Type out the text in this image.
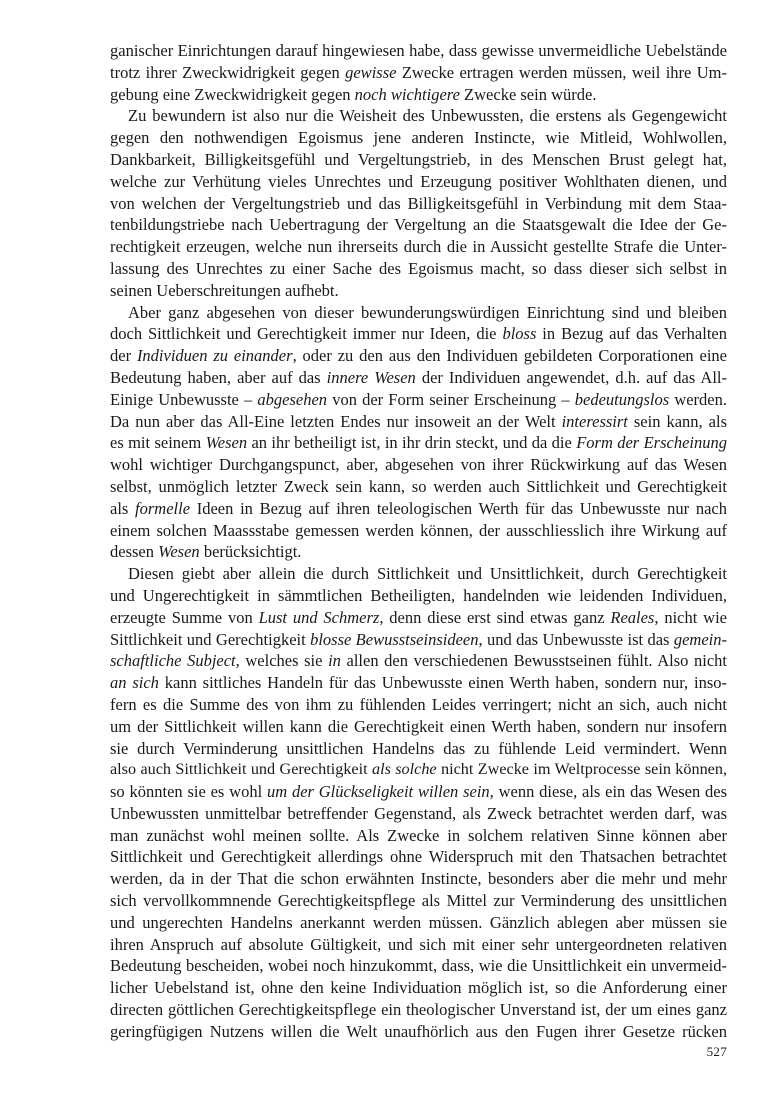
ganischer Einrichtungen darauf hingewiesen habe, dass gewisse unvermeidliche Uebelstände
trotz ihrer Zweckwidrigkeit gegen gewisse Zwecke ertragen werden müssen, weil ihre Um-
gebung eine Zweckwidrigkeit gegen noch wichtigere Zwecke sein würde.
Zu bewundern ist also nur die Weisheit des Unbewussten, die erstens als Gegengewicht
gegen den nothwendigen Egoismus jene anderen Instincte, wie Mitleid, Wohlwollen,
Dankbarkeit, Billigkeitsgefühl und Vergeltungstrieb, in des Menschen Brust gelegt hat,
welche zur Verhütung vieles Unrechtes und Erzeugung positiver Wohlthaten dienen, und
von welchen der Vergeltungstrieb und das Billigkeitsgefühl in Verbindung mit dem Staa-
tenbildungstriebe nach Uebertragung der Vergeltung an die Staatsgewalt die Idee der Ge-
rechtigkeit erzeugen, welche nun ihrerseits durch die in Aussicht gestellte Strafe die Unter-
lassung des Unrechtes zu einer Sache des Egoismus macht, so dass dieser sich selbst in
seinen Ueberschreitungen aufhebt.
Aber ganz abgesehen von dieser bewunderungswürdigen Einrichtung sind und bleiben
doch Sittlichkeit und Gerechtigkeit immer nur Ideen, die bloss in Bezug auf das Verhalten
der Individuen zu einander, oder zu den aus den Individuen gebildeten Corporationen eine
Bedeutung haben, aber auf das innere Wesen der Individuen angewendet, d.h. auf das All-
Einige Unbewusste – abgesehen von der Form seiner Erscheinung – bedeutungslos werden.
Da nun aber das All-Eine letzten Endes nur insoweit an der Welt interessirt sein kann, als
es mit seinem Wesen an ihr betheiligt ist, in ihr drin steckt, und da die Form der Erscheinung
wohl wichtiger Durchgangspunct, aber, abgesehen von ihrer Rückwirkung auf das Wesen
selbst, unmöglich letzter Zweck sein kann, so werden auch Sittlichkeit und Gerechtigkeit
als formelle Ideen in Bezug auf ihren teleologischen Werth für das Unbewusste nur nach
einem solchen Maassstabe gemessen werden können, der ausschliesslich ihre Wirkung auf
dessen Wesen berücksichtigt.
Diesen giebt aber allein die durch Sittlichkeit und Unsittlichkeit, durch Gerechtigkeit
und Ungerechtigkeit in sämmtlichen Betheiligten, handelnden wie leidenden Individuen,
erzeugte Summe von Lust und Schmerz, denn diese erst sind etwas ganz Reales, nicht wie
Sittlichkeit und Gerechtigkeit blosse Bewusstseinsideen, und das Unbewusste ist das gemein-
schaftliche Subject, welches sie in allen den verschiedenen Bewusstseinen fühlt. Also nicht
an sich kann sittliches Handeln für das Unbewusste einen Werth haben, sondern nur, inso-
fern es die Summe des von ihm zu fühlenden Leides verringert; nicht an sich, auch nicht
um der Sittlichkeit willen kann die Gerechtigkeit einen Werth haben, sondern nur insofern
sie durch Verminderung unsittlichen Handelns das zu fühlende Leid vermindert. Wenn
also auch Sittlichkeit und Gerechtigkeit als solche nicht Zwecke im Weltprocesse sein können,
so könnten sie es wohl um der Glückseligkeit willen sein, wenn diese, als ein das Wesen des
Unbewussten unmittelbar betreffender Gegenstand, als Zweck betrachtet werden darf, was
man zunächst wohl meinen sollte. Als Zwecke in solchem relativen Sinne können aber
Sittlichkeit und Gerechtigkeit allerdings ohne Widerspruch mit den Thatsachen betrachtet
werden, da in der That die schon erwähnten Instincte, besonders aber die mehr und mehr
sich vervollkommnende Gerechtigkeitspflege als Mittel zur Verminderung des unsittlichen
und ungerechten Handelns anerkannt werden müssen. Gänzlich ablegen aber müssen sie
ihren Anspruch auf absolute Gültigkeit, und sich mit einer sehr untergeordneten relativen
Bedeutung bescheiden, wobei noch hinzukommt, dass, wie die Unsittlichkeit ein unvermeid-
licher Uebelstand ist, ohne den keine Individuation möglich ist, so die Anforderung einer
directen göttlichen Gerechtigkeitspflege ein theologischer Unverstand ist, der um eines ganz
geringfügigen Nutzens willen die Welt unaufhörlich aus den Fugen ihrer Gesetze rücken
527
